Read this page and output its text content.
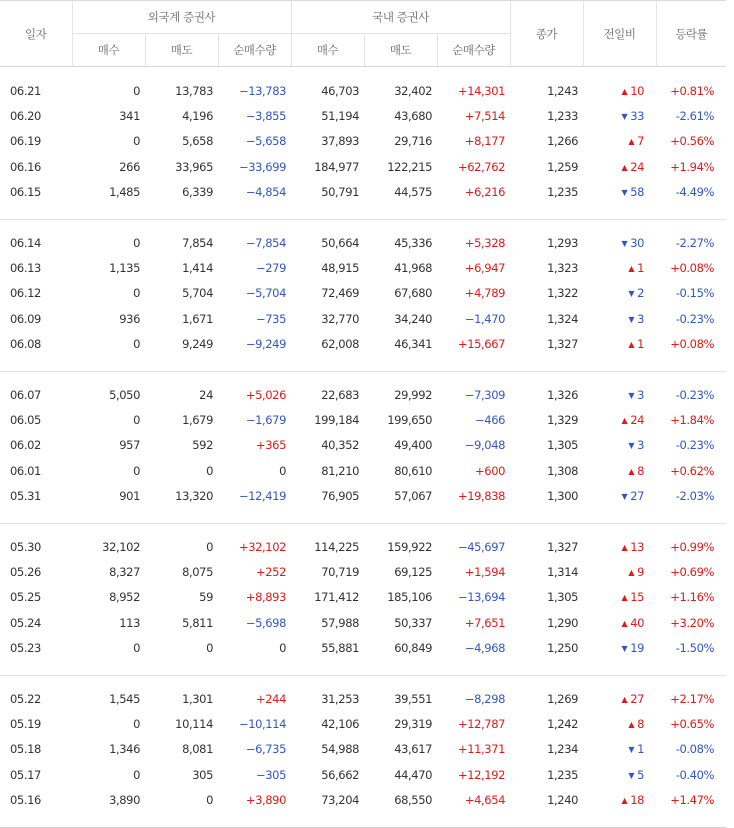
일자	외국계 증권사			국내 증권사			종가	전일비	등락률
	매수	매도	순매수량	매수	매도	순매수량			

06.21	0	13,783	−13,783	46,703	32,402	+14,301	1,243	▲ 10	+0.81%
06.20	341	4,196	−3,855	51,194	43,680	+7,514	1,233	▼ 33	-2.61%
06.19	0	5,658	−5,658	37,893	29,716	+8,177	1,266	▲ 7	+0.56%
06.16	266	33,965	−33,699	184,977	122,215	+62,762	1,259	▲ 24	+1.94%
06.15	1,485	6,339	−4,854	50,791	44,575	+6,216	1,235	▼ 58	-4.49%

06.14	0	7,854	−7,854	50,664	45,336	+5,328	1,293	▼ 30	-2.27%
06.13	1,135	1,414	−279	48,915	41,968	+6,947	1,323	▲ 1	+0.08%
06.12	0	5,704	−5,704	72,469	67,680	+4,789	1,322	▼ 2	-0.15%
06.09	936	1,671	−735	32,770	34,240	−1,470	1,324	▼ 3	-0.23%
06.08	0	9,249	−9,249	62,008	46,341	+15,667	1,327	▲ 1	+0.08%

06.07	5,050	24	+5,026	22,683	29,992	−7,309	1,326	▼ 3	-0.23%
06.05	0	1,679	−1,679	199,184	199,650	−466	1,329	▲ 24	+1.84%
06.02	957	592	+365	40,352	49,400	−9,048	1,305	▼ 3	-0.23%
06.01	0	0	0	81,210	80,610	+600	1,308	▲ 8	+0.62%
05.31	901	13,320	−12,419	76,905	57,067	+19,838	1,300	▼ 27	-2.03%

05.30	32,102	0	+32,102	114,225	159,922	−45,697	1,327	▲ 13	+0.99%
05.26	8,327	8,075	+252	70,719	69,125	+1,594	1,314	▲ 9	+0.69%
05.25	8,952	59	+8,893	171,412	185,106	−13,694	1,305	▲ 15	+1.16%
05.24	113	5,811	−5,698	57,988	50,337	+7,651	1,290	▲ 40	+3.20%
05.23	0	0	0	55,881	60,849	−4,968	1,250	▼ 19	-1.50%

05.22	1,545	1,301	+244	31,253	39,551	−8,298	1,269	▲ 27	+2.17%
05.19	0	10,114	−10,114	42,106	29,319	+12,787	1,242	▲ 8	+0.65%
05.18	1,346	8,081	−6,735	54,988	43,617	+11,371	1,234	▼ 1	-0.08%
05.17	0	305	−305	56,662	44,470	+12,192	1,235	▼ 5	-0.40%
05.16	3,890	0	+3,890	73,204	68,550	+4,654	1,240	▲ 18	+1.47%
